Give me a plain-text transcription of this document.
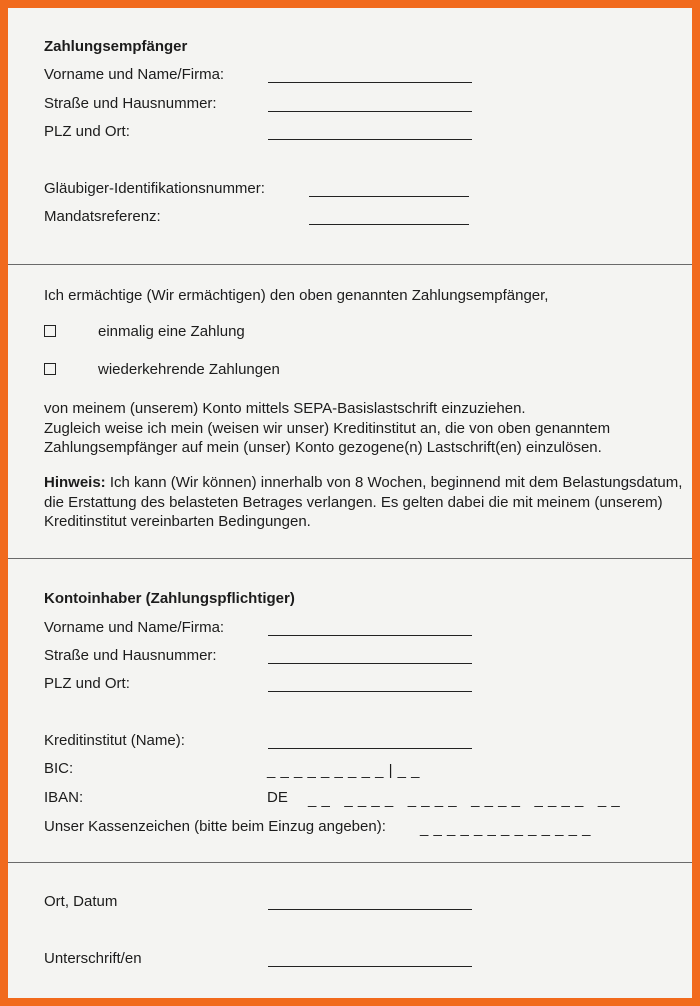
Zahlungsempfänger
Vorname und Name/Firma:
Straße und Hausnummer:
PLZ und Ort:
Gläubiger-Identifikationsnummer:
Mandatsreferenz:
Ich ermächtige (Wir ermächtigen) den oben genannten Zahlungsempfänger,
einmalig eine Zahlung
wiederkehrende Zahlungen
von meinem (unserem) Konto mittels SEPA-Basislastschrift einzuziehen.
Zugleich weise ich mein (weisen wir unser) Kreditinstitut an, die von oben genanntem Zahlungsempfänger auf mein (unser) Konto gezogene(n) Lastschrift(en) einzulösen.
Hinweis: Ich kann (Wir können) innerhalb von 8 Wochen, beginnend mit dem Belastungsdatum, die Erstattung des belasteten Betrages verlangen. Es gelten dabei die mit meinem (unserem) Kreditinstitut vereinbarten Bedingungen.
Kontoinhaber (Zahlungspflichtiger)
Vorname und Name/Firma:
Straße und Hausnummer:
PLZ und Ort:
Kreditinstitut (Name):
BIC:	_ _ _ _ _ _ _ _ _ | _ _
IBAN:	DE _ _   _ _ _ _   _ _ _ _   _ _ _ _   _ _ _ _   _ _
Unser Kassenzeichen (bitte beim Einzug angeben): _ _ _ _ _ _ _ _ _ _ _ _ _
Ort, Datum
Unterschrift/en
